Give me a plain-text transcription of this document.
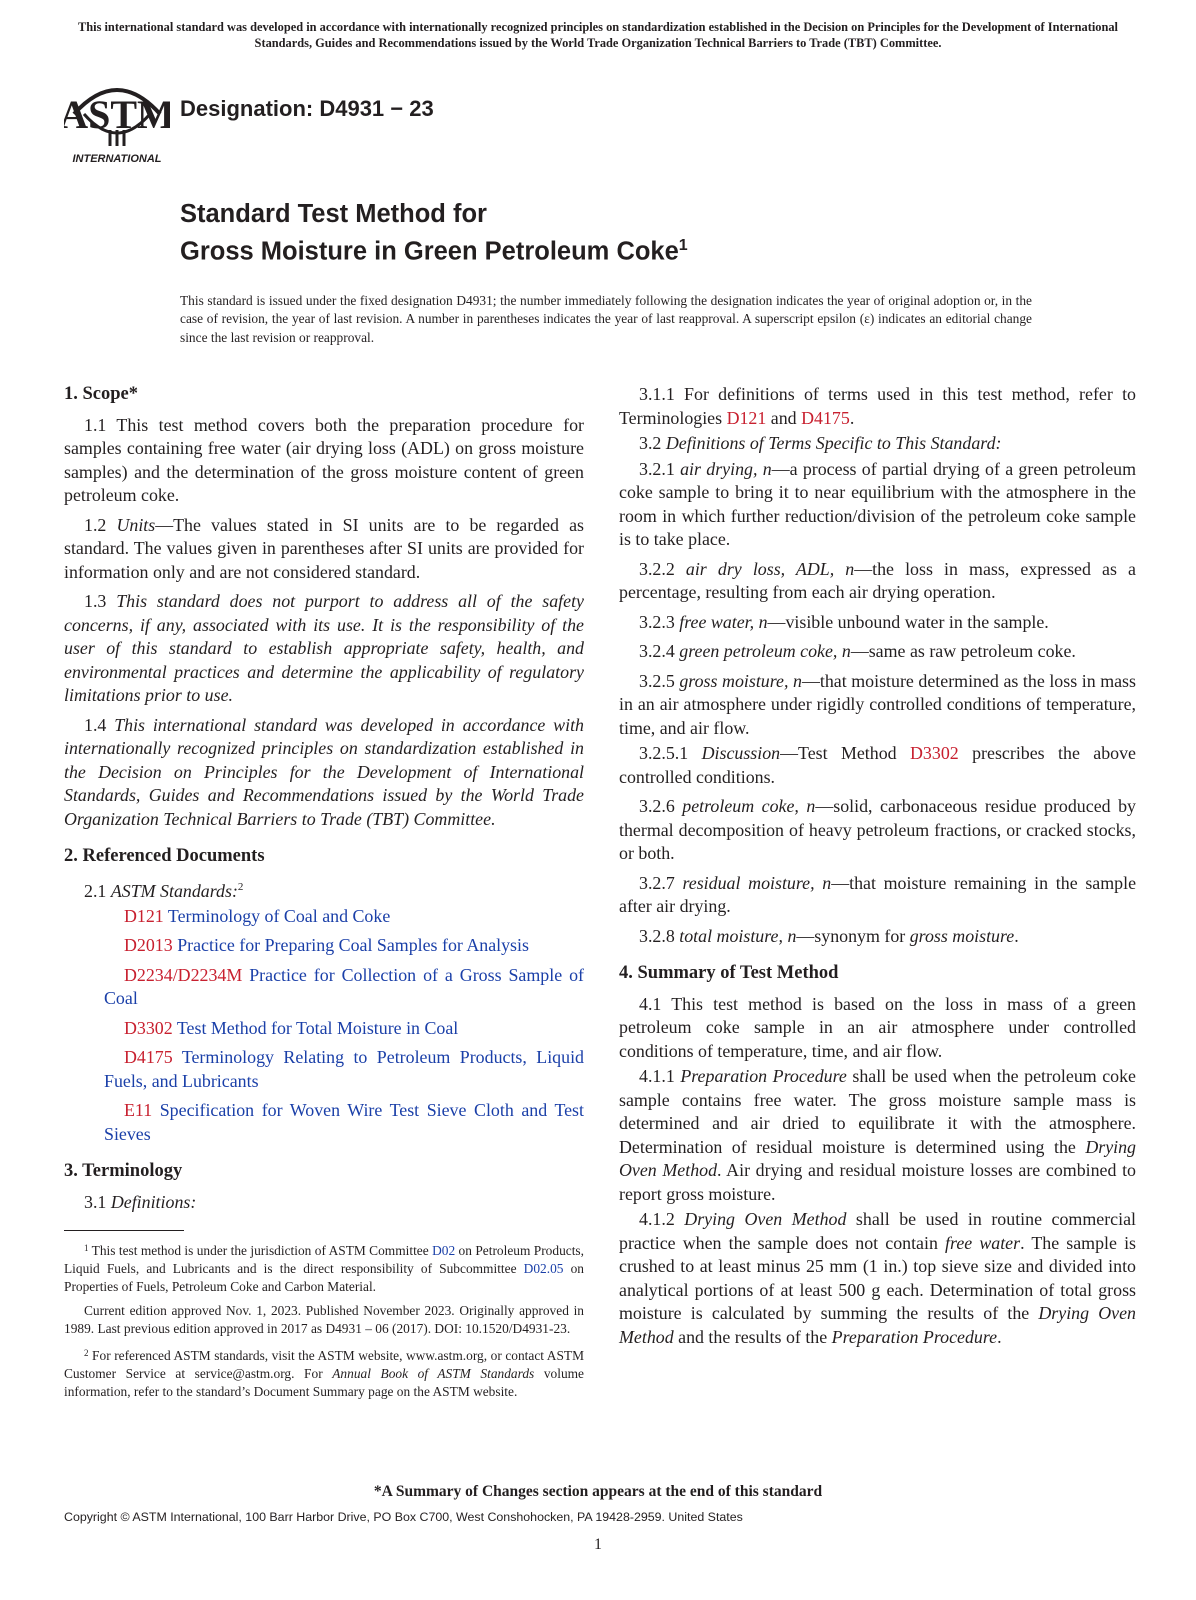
This international standard was developed in accordance with internationally recognized principles on standardization established in the Decision on Principles for the Development of International Standards, Guides and Recommendations issued by the World Trade Organization Technical Barriers to Trade (TBT) Committee.
ASTM
INTERNATIONAL
Designation: D4931 − 23
Standard Test Method for
Gross Moisture in Green Petroleum Coke$^1$
This standard is issued under the fixed designation D4931; the number immediately following the designation indicates the year of original adoption or, in the case of revision, the year of last revision. A number in parentheses indicates the year of last reapproval. A superscript epsilon (ε) indicates an editorial change since the last revision or reapproval.
1. Scope*

1.1 This test method covers both the preparation procedure for samples containing free water (air drying loss (ADL) on gross moisture samples) and the determination of the gross moisture content of green petroleum coke.

1.2 Units—The values stated in SI units are to be regarded as standard. The values given in parentheses after SI units are provided for information only and are not considered standard.

1.3 This standard does not purport to address all of the safety concerns, if any, associated with its use. It is the responsibility of the user of this standard to establish appropriate safety, health, and environmental practices and determine the applicability of regulatory limitations prior to use.

1.4 This international standard was developed in accordance with internationally recognized principles on standardization established in the Decision on Principles for the Development of International Standards, Guides and Recommendations issued by the World Trade Organization Technical Barriers to Trade (TBT) Committee.

2. Referenced Documents

2.1 ASTM Standards:$^2$

D121 Terminology of Coal and Coke

D2013 Practice for Preparing Coal Samples for Analysis

D2234/D2234M Practice for Collection of a Gross Sample of Coal

D3302 Test Method for Total Moisture in Coal

D4175 Terminology Relating to Petroleum Products, Liquid Fuels, and Lubricants

E11 Specification for Woven Wire Test Sieve Cloth and Test Sieves

3. Terminology

3.1 Definitions:

$^1$ This test method is under the jurisdiction of ASTM Committee D02 on Petroleum Products, Liquid Fuels, and Lubricants and is the direct responsibility of Subcommittee D02.05 on Properties of Fuels, Petroleum Coke and Carbon Material.

Current edition approved Nov. 1, 2023. Published November 2023. Originally approved in 1989. Last previous edition approved in 2017 as D4931 – 06 (2017). DOI: 10.1520/D4931-23.

$^2$ For referenced ASTM standards, visit the ASTM website, www.astm.org, or contact ASTM Customer Service at service@astm.org. For Annual Book of ASTM Standards volume information, refer to the standard’s Document Summary page on the ASTM website.

3.1.1 For definitions of terms used in this test method, refer to Terminologies D121 and D4175.

3.2 Definitions of Terms Specific to This Standard:

3.2.1 air drying, n—a process of partial drying of a green petroleum coke sample to bring it to near equilibrium with the atmosphere in the room in which further reduction/division of the petroleum coke sample is to take place.

3.2.2 air dry loss, ADL, n—the loss in mass, expressed as a percentage, resulting from each air drying operation.

3.2.3 free water, n—visible unbound water in the sample.

3.2.4 green petroleum coke, n—same as raw petroleum coke.

3.2.5 gross moisture, n—that moisture determined as the loss in mass in an air atmosphere under rigidly controlled conditions of temperature, time, and air flow.

3.2.5.1 Discussion—Test Method D3302 prescribes the above controlled conditions.

3.2.6 petroleum coke, n—solid, carbonaceous residue produced by thermal decomposition of heavy petroleum fractions, or cracked stocks, or both.

3.2.7 residual moisture, n—that moisture remaining in the sample after air drying.

3.2.8 total moisture, n—synonym for gross moisture.

4. Summary of Test Method

4.1 This test method is based on the loss in mass of a green petroleum coke sample in an air atmosphere under controlled conditions of temperature, time, and air flow.

4.1.1 Preparation Procedure shall be used when the petroleum coke sample contains free water. The gross moisture sample mass is determined and air dried to equilibrate it with the atmosphere. Determination of residual moisture is determined using the Drying Oven Method. Air drying and residual moisture losses are combined to report gross moisture.

4.1.2 Drying Oven Method shall be used in routine commercial practice when the sample does not contain free water. The sample is crushed to at least minus 25 mm (1 in.) top sieve size and divided into analytical portions of at least 500 g each. Determination of total gross moisture is calculated by summing the results of the Drying Oven Method and the results of the Preparation Procedure.

*A Summary of Changes section appears at the end of this standard
Copyright © ASTM International, 100 Barr Harbor Drive, PO Box C700, West Conshohocken, PA 19428-2959. United States
1
